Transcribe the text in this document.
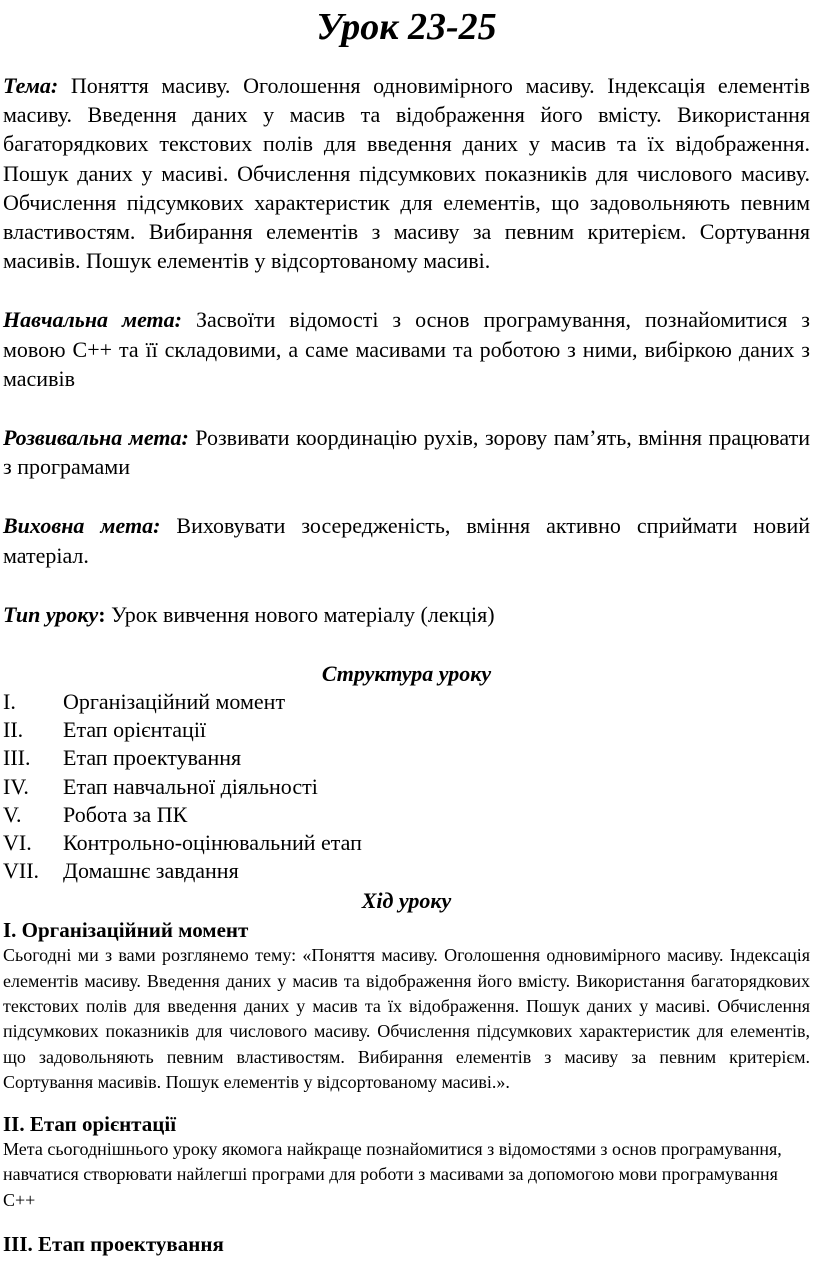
Урок 23-25

Тема: Поняття масиву. Оголошення одновимірного масиву. Індексація елементів масиву. Введення даних у масив та відображення його вмісту. Використання багаторядкових текстових полів для введення даних у масив та їх відображення. Пошук даних у масиві. Обчислення підсумкових показників для числового масиву. Обчислення підсумкових характеристик для елементів, що задовольняють певним властивостям. Вибирання елементів з масиву за певним критерієм. Сортування масивів. Пошук елементів у відсортованому масиві.

Навчальна мета: Засвоїти відомості з основ програмування, познайомитися з мовою С++ та її складовими, а саме масивами та роботою з ними, вибіркою даних з масивів

Розвивальна мета: Розвивати координацію рухів, зорову пам’ять, вміння працювати з програмами

Виховна мета: Виховувати зосередженість, вміння активно сприймати новий матеріал.

Тип уроку: Урок вивчення нового матеріалу (лекція)

Структура уроку
I.	Організаційний момент
II.	Етап орієнтації
III.	Етап проектування
IV.	Етап навчальної діяльності
V.	Робота за ПК
VI.	Контрольно-оцінювальний етап
VII.	Домашнє завдання
Хід уроку
І. Організаційний момент

Сьогодні ми з вами розглянемо тему: «Поняття масиву. Оголошення одновимірного масиву. Індексація елементів масиву. Введення даних у масив та відображення його вмісту. Використання багаторядкових текстових полів для введення даних у масив та їх відображення. Пошук даних у масиві. Обчислення підсумкових показників для числового масиву. Обчислення підсумкових характеристик для елементів, що задовольняють певним властивостям. Вибирання елементів з масиву за певним критерієм. Сортування масивів. Пошук елементів у відсортованому масиві.».

ІІ. Етап орієнтації

Мета сьогоднішнього уроку якомога найкраще познайомитися з відомостями з основ програмування, навчатися створювати найлегші програми для роботи з масивами за допомогою мови програмування С++

ІІІ. Етап проектування
